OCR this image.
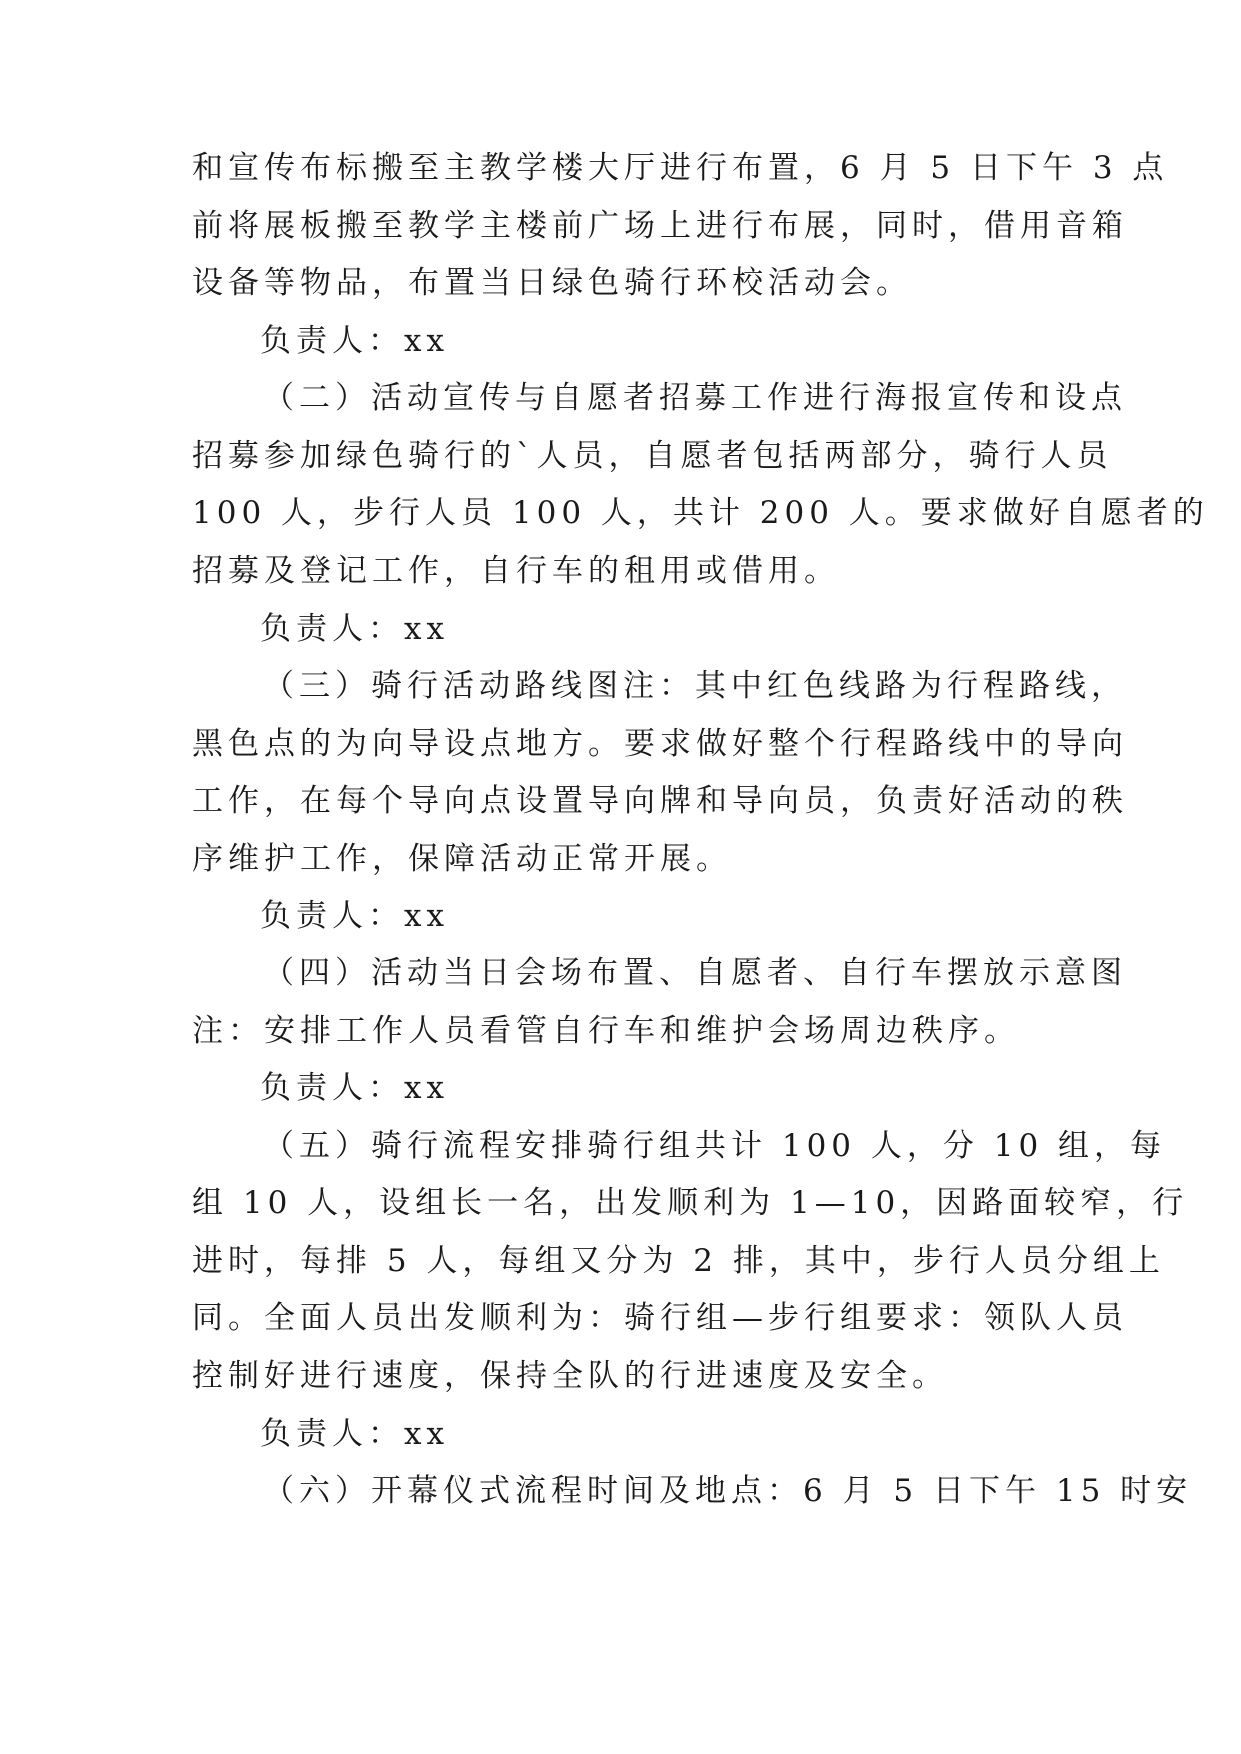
和宣传布标搬至主教学楼大厅进行布置，6 月 5 日下午 3 点
前将展板搬至教学主楼前广场上进行布展，同时，借用音箱
设备等物品，布置当日绿色骑行环校活动会。
负责人：xx
（二）活动宣传与自愿者招募工作进行海报宣传和设点
招募参加绿色骑行的`人员，自愿者包括两部分，骑行人员
100 人，步行人员 100 人，共计 200 人。要求做好自愿者的
招募及登记工作，自行车的租用或借用。
负责人：xx
（三）骑行活动路线图注：其中红色线路为行程路线，
黑色点的为向导设点地方。要求做好整个行程路线中的导向
工作，在每个导向点设置导向牌和导向员，负责好活动的秩
序维护工作，保障活动正常开展。
负责人：xx
（四）活动当日会场布置、自愿者、自行车摆放示意图
注：安排工作人员看管自行车和维护会场周边秩序。
负责人：xx
（五）骑行流程安排骑行组共计 100 人，分 10 组，每
组 10 人，设组长一名，出发顺利为 1—10，因路面较窄，行
进时，每排 5 人，每组又分为 2 排，其中，步行人员分组上
同。全面人员出发顺利为：骑行组—步行组要求：领队人员
控制好进行速度，保持全队的行进速度及安全。
负责人：xx
（六）开幕仪式流程时间及地点：6 月 5 日下午 15 时安
